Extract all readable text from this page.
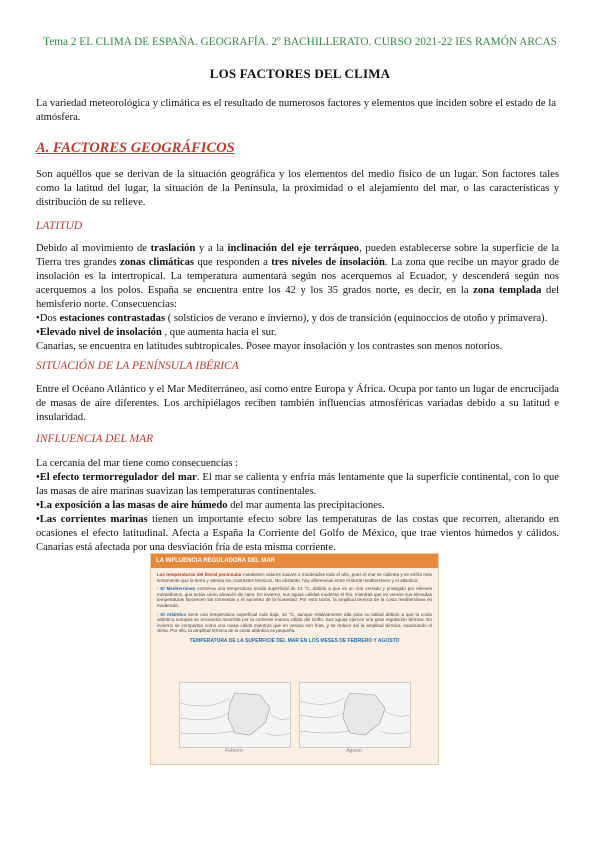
Tema 2 EL CLIMA DE ESPAÑA. GEOGRAFÍA. 2º BACHILLERATO. CURSO 2021-22 IES RAMÓN ARCAS
LOS FACTORES DEL CLIMA
La variedad meteorológica y climática es el resultado de numerosos factores y elementos que inciden sobre el estado de la atmósfera.
A. FACTORES GEOGRÁFICOS
Son aquéllos que se derivan de la situación geográfica y los elementos del medio físico de un lugar. Son factores tales como la latitud del lugar, la situación de la Península, la proximidad o el alejamiento del mar, o las características y distribución de su relieve.
LATITUD
Debido al movimiento de traslación y a la inclinación del eje terráqueo, pueden establecerse sobre la superficie de la Tierra tres grandes zonas climáticas que responden a tres niveles de insolación. La zona que recibe un mayor grado de insolación es la intertropical. La temperatura aumentará según nos acerquemos al Ecuador, y descenderá según nos acerquemos a los polos. España se encuentra entre los 42 y los 35 grados norte, es decir, en la zona templada del hemisferio norte. Consecuencias:
•Dos estaciones contrastadas ( solsticios de verano e invierno), y dos de transición (equinoccios de otoño y primavera).
•Elevado nivel de insolación , que aumenta hacia el sur.
Canarias, se encuentra en latitudes subtropicales. Posee mayor insolación y los contrastes son menos notorios.
SITUACIÓN DE LA PENÍNSULA IBÉRICA
Entre el Océano Atlántico y el Mar Mediterráneo, así como entre Europa y África. Ocupa por tanto un lugar de encrucijada de masas de aire diferentes. Los archipiélagos reciben también influencias atmosféricas variadas debido a su latitud e insularidad.
INFLUENCIA DEL MAR
La cercanía del mar tiene como consecuencias :
•El efecto termorregulador del mar. El mar se calienta y enfría más lentamente que la superficie continental, con lo que las masas de aire marinas suavizan las temperaturas continentales.
•La exposición a las masas de aire húmedo del mar aumenta las precipitaciones.
•Las corrientes marinas tienen un importante efecto sobre las temperaturas de las costas que recorren, alterando en ocasiones el efecto latitudinal. Afecta a España la Corriente del Golfo de México, que trae vientos húmedos y cálidos. Canarias está afectada por una desviación fría de esta misma corriente.
LA INFLUENCIA REGULADORA DEL MAR
Las temperaturas del litoral peninsular mantienen valores suaves o moderados todo el año, pues el mar se calienta y se enfría más lentamente que la tierra y atenúa los contrastes térmicos. No obstante, hay diferencias entre el litoral mediterráneo y el atlántico:
- El Mediterráneo conserva una temperatura media superficial de 13 °C, debido a que es un mar cerrado y protegido por relieves montañosos, que actúa como almacén de calor. En invierno, sus aguas cálidas moderan el frío, mientras que en verano sus elevadas temperaturas favorecen las tormentas y el aumento de la humedad. Por esta razón, la amplitud térmica de la costa mediterránea es moderada.
- El Atlántico tiene una temperatura superficial más baja, 16 °C, aunque relativamente alta para su latitud debido a que la costa atlántica europea se encuentra recorrida por la corriente marina cálida del Golfo. Sus aguas ejercen una gran regulación térmica. En invierno se comportan como una masa cálida mientras que en verano son frías, y se reduce así la amplitud térmica, suavizando el clima. Por ello, la amplitud térmica de la costa atlántica es pequeña.
TEMPERATURA DE LA SUPERFICIE DEL MAR EN LOS MESES DE FEBRERO Y AGOSTO
Febrero	Agosto
